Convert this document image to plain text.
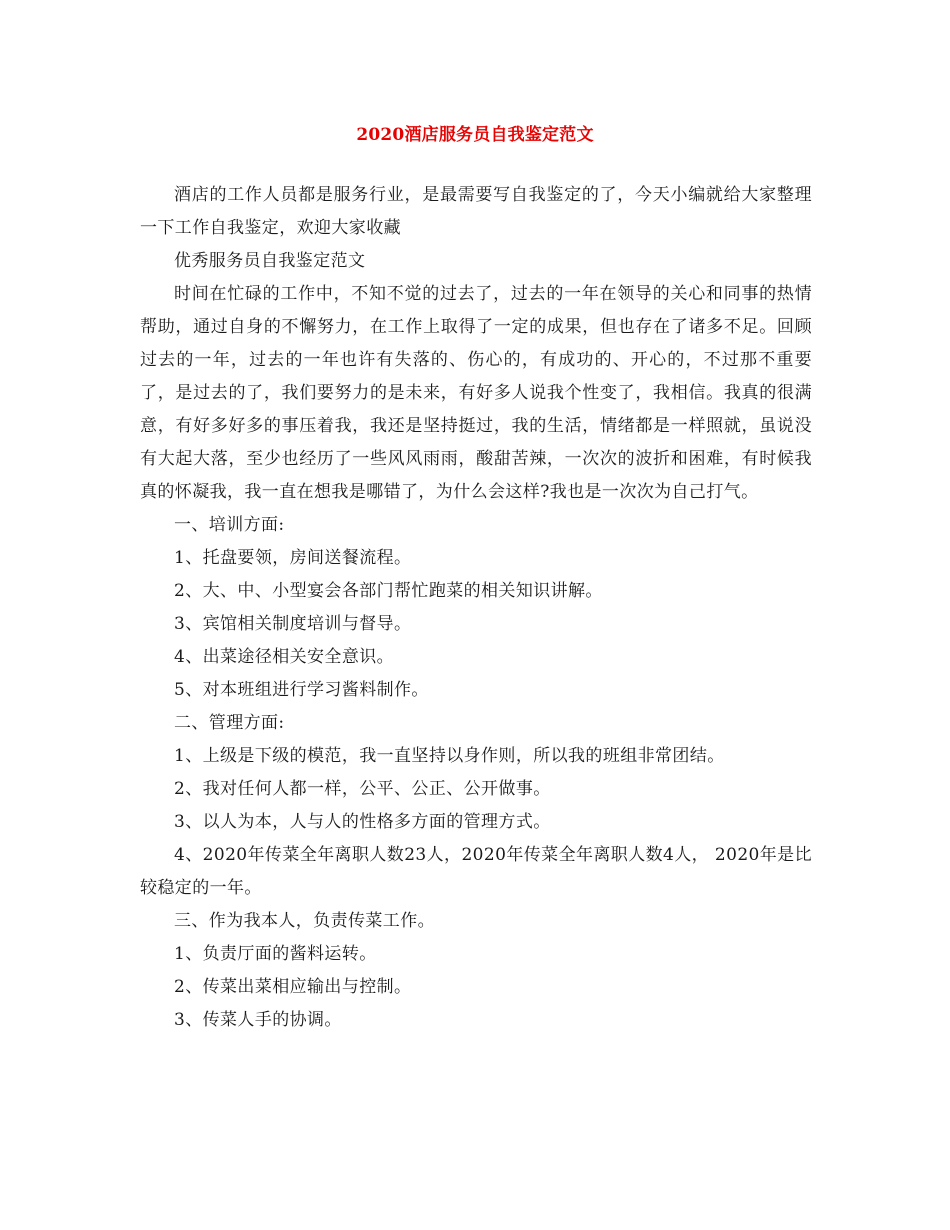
2020酒店服务员自我鉴定范文

酒店的工作人员都是服务行业，是最需要写自我鉴定的了，今天小编就给大家整理一下工作自我鉴定，欢迎大家收藏

优秀服务员自我鉴定范文

时间在忙碌的工作中，不知不觉的过去了，过去的一年在领导的关心和同事的热情帮助，通过自身的不懈努力，在工作上取得了一定的成果，但也存在了诸多不足。回顾过去的一年，过去的一年也许有失落的、伤心的，有成功的、开心的，不过那不重要了，是过去的了，我们要努力的是未来，有好多人说我个性变了，我相信。我真的很满意，有好多好多的事压着我，我还是坚持挺过，我的生活，情绪都是一样照就，虽说没有大起大落，至少也经历了一些风风雨雨，酸甜苦辣，一次次的波折和困难，有时候我真的怀凝我，我一直在想我是哪错了，为什么会这样?我也是一次次为自己打气。

一、培训方面:

1、托盘要领，房间送餐流程。

2、大、中、小型宴会各部门帮忙跑菜的相关知识讲解。

3、宾馆相关制度培训与督导。

4、出菜途径相关安全意识。

5、对本班组进行学习酱料制作。

二、管理方面:

1、上级是下级的模范，我一直坚持以身作则，所以我的班组非常团结。

2、我对任何人都一样，公平、公正、公开做事。

3、以人为本，人与人的性格多方面的管理方式。

4、2020年传菜全年离职人数23人，2020年传菜全年离职人数4人， 2020年是比较稳定的一年。

三、作为我本人，负责传菜工作。

1、负责厅面的酱料运转。

2、传菜出菜相应输出与控制。

3、传菜人手的协调。
